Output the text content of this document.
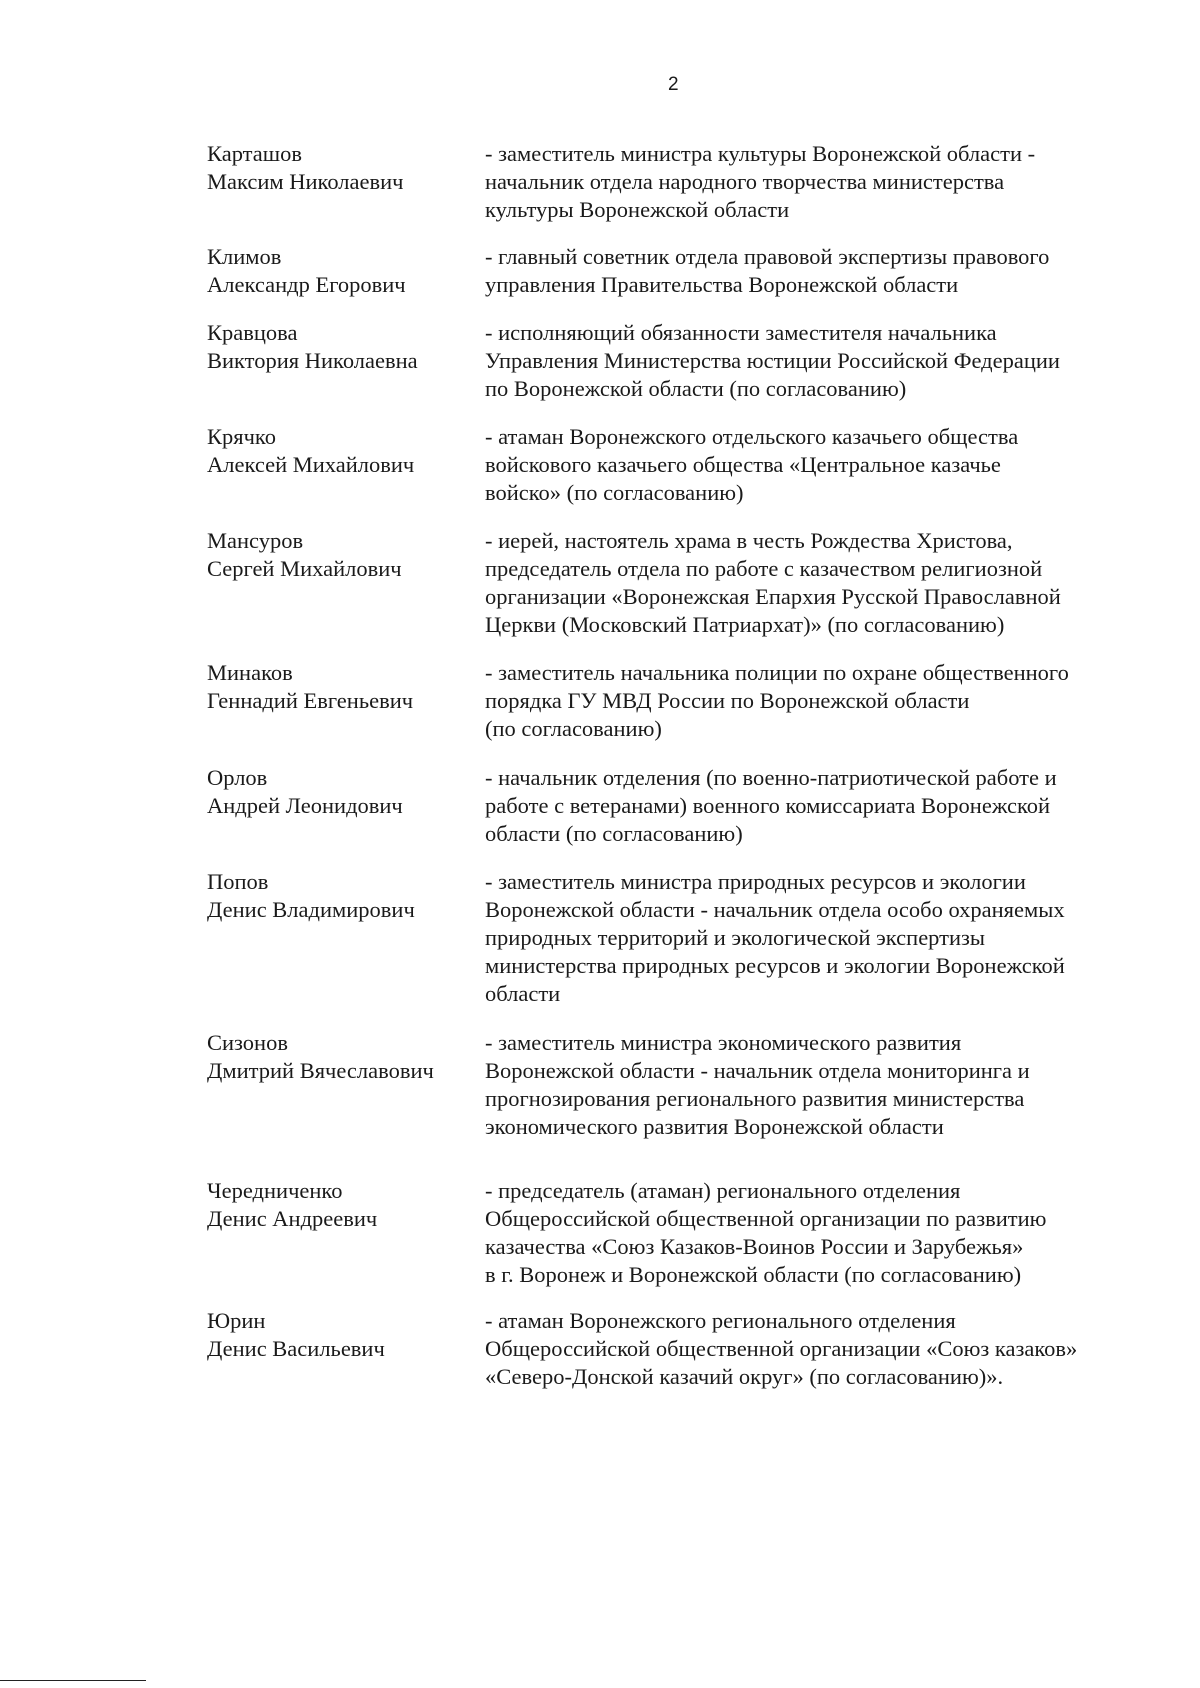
2
Карташов
Максим Николаевич
- заместитель министра культуры Воронежской области -
начальник отдела народного творчества министерства
культуры Воронежской области
Климов
Александр Егорович
- главный советник отдела правовой экспертизы правового
управления Правительства Воронежской области
Кравцова
Виктория Николаевна
- исполняющий обязанности заместителя начальника
Управления Министерства юстиции Российской Федерации
по Воронежской области (по согласованию)
Крячко
Алексей Михайлович
- атаман Воронежского отдельского казачьего общества
войскового казачьего общества «Центральное казачье
войско» (по согласованию)
Мансуров
Сергей Михайлович
- иерей, настоятель храма в честь Рождества Христова,
председатель отдела по работе с казачеством религиозной
организации «Воронежская Епархия Русской Православной
Церкви (Московский Патриархат)» (по согласованию)
Минаков
Геннадий Евгеньевич
- заместитель начальника полиции по охране общественного
порядка ГУ МВД России по Воронежской области
(по согласованию)
Орлов
Андрей Леонидович
- начальник отделения (по военно-патриотической работе и
работе с ветеранами) военного комиссариата Воронежской
области (по согласованию)
Попов
Денис Владимирович
- заместитель министра природных ресурсов и экологии
Воронежской области - начальник отдела особо охраняемых
природных территорий и экологической экспертизы
министерства природных ресурсов и экологии Воронежской
области
Сизонов
Дмитрий Вячеславович
- заместитель министра экономического развития
Воронежской области - начальник отдела мониторинга и
прогнозирования регионального развития министерства
экономического развития Воронежской области
Чередниченко
Денис Андреевич
- председатель (атаман) регионального отделения
Общероссийской общественной организации по развитию
казачества «Союз Казаков-Воинов России и Зарубежья»
в г. Воронеж и Воронежской области (по согласованию)
Юрин
Денис Васильевич
- атаман Воронежского регионального отделения
Общероссийской общественной организации «Союз казаков»
«Северо-Донской казачий округ» (по согласованию)».
